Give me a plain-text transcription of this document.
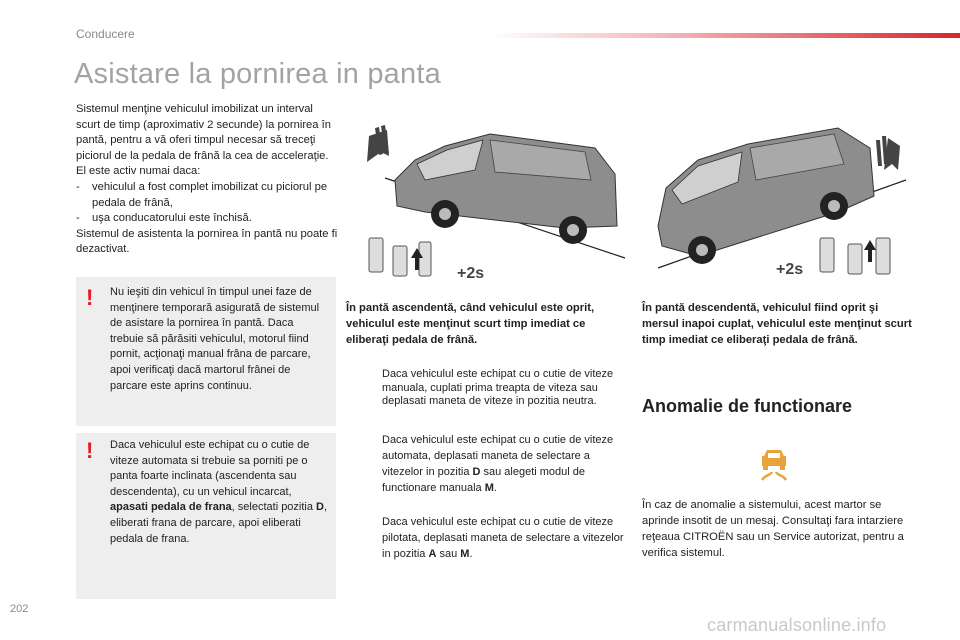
Conducere
Asistare la pornirea in panta

Sistemul menţine vehiculul imobilizat un interval scurt de timp (aproximativ 2 secunde) la pornirea în pantă, pentru a vă oferi timpul necesar să treceţi piciorul de la pedala de frână la cea de acceleraţie.

El este activ numai daca:

-	vehiculul a fost complet imobilizat cu piciorul pe pedala de frână,
-	uşa conducatorului este închisă.

Sistemul de asistenta la pornirea în pantă nu poate fi dezactivat.

! Nu ieşiti din vehicul în timpul unei faze de menţinere temporară asigurată de sistemul de asistare la pornirea în pantă. Daca trebuie să părăsiti vehiculul, motorul fiind pornit, acţionaţi manual frâna de parcare, apoi verificaţi dacă martorul frânei de parcare este aprins continuu.
! Daca vehiculul este echipat cu o cutie de viteze automata si trebuie sa porniti pe o panta foarte inclinata (ascendenta sau descendenta), cu un vehicul incarcat, apasati pedala de frana, selectati pozitia D, eliberati frana de parcare, apoi eliberati pedala de frana.
+2s	+2s
În pantă ascendentă, când vehiculul este oprit, vehiculul este menţinut scurt timp imediat ce eliberaţi pedala de frână.
În pantă descendentă, vehiculul fiind oprit şi mersul inapoi cuplat, vehiculul este menţinut scurt timp imediat ce eliberaţi pedala de frână.
Daca vehiculul este echipat cu o cutie de viteze manuala, cuplati prima treapta de viteza sau deplasati maneta de viteze in pozitia neutra.
Daca vehiculul este echipat cu o cutie de viteze automata, deplasati maneta de selectare a vitezelor in pozitia D sau alegeti modul de functionare manuala M.
Daca vehiculul este echipat cu o cutie de viteze pilotata, deplasati maneta de selectare a vitezelor in pozitia A sau M.
Anomalie de functionare
În caz de anomalie a sistemului, acest martor se aprinde insotit de un mesaj. Consultaţi fara intarziere reţeaua CITROËN sau un Service autorizat, pentru a verifica sistemul.
202
carmanualsonline.info
